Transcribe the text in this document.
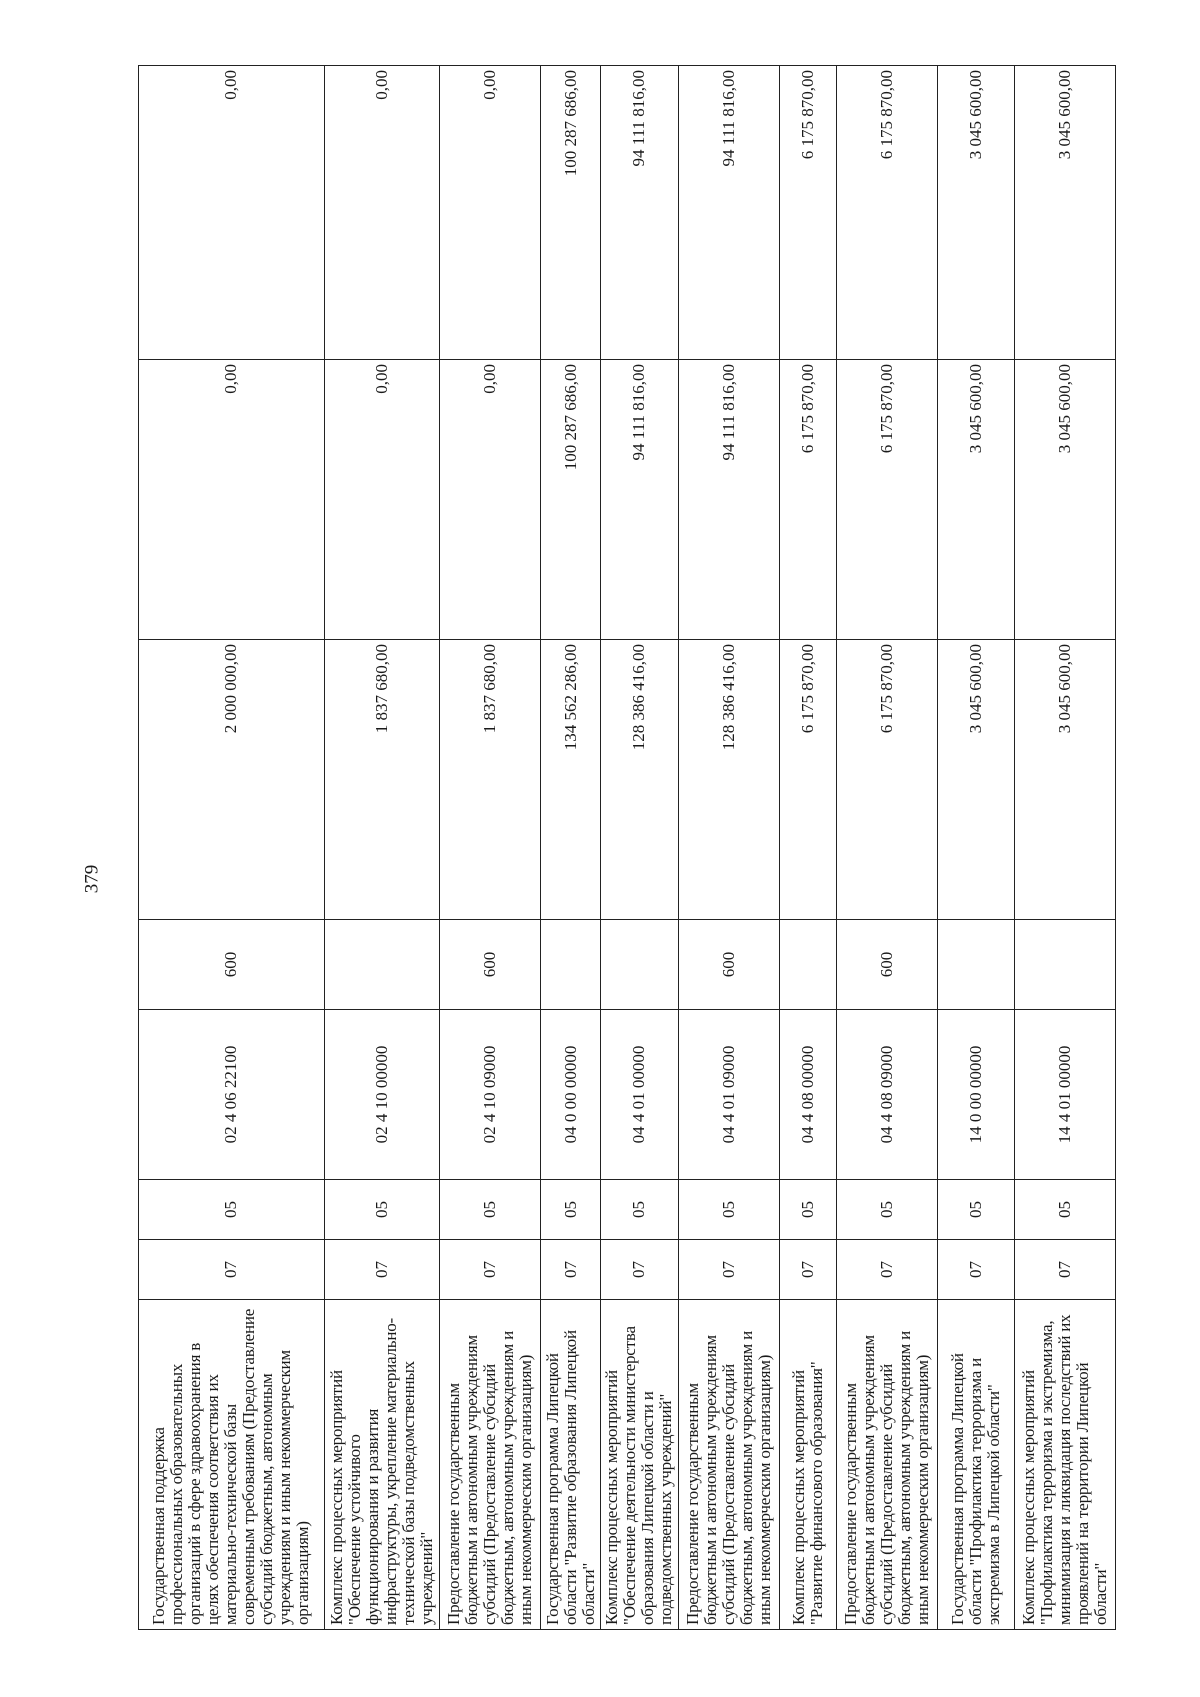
379
Государственная поддержка профессиональных образовательных организаций в сфере здравоохранения в целях обеспечения соответствия их материально-технической базы современным требованиям (Предоставление субсидий бюджетным, автономным учреждениям и иным некоммерческим организациям)	07	05	02 4 06 22100	600	2 000 000,00	0,00	0,00
Комплекс процессных мероприятий "Обеспечение устойчивого функционирования и развития инфраструктуры, укрепление материально-технической базы подведомственных учреждений"	07	05	02 4 10 00000		1 837 680,00	0,00	0,00
Предоставление государственным бюджетным и автономным учреждениям субсидий (Предоставление субсидий бюджетным, автономным учреждениям и иным некоммерческим организациям)	07	05	02 4 10 09000	600	1 837 680,00	0,00	0,00
Государственная программа Липецкой области "Развитие образования Липецкой области"	07	05	04 0 00 00000		134 562 286,00	100 287 686,00	100 287 686,00
Комплекс процессных мероприятий "Обеспечение деятельности министерства образования Липецкой области и подведомственных учреждений"	07	05	04 4 01 00000		128 386 416,00	94 111 816,00	94 111 816,00
Предоставление государственным бюджетным и автономным учреждениям субсидий (Предоставление субсидий бюджетным, автономным учреждениям и иным некоммерческим организациям)	07	05	04 4 01 09000	600	128 386 416,00	94 111 816,00	94 111 816,00
Комплекс процессных мероприятий "Развитие финансового образования"	07	05	04 4 08 00000		6 175 870,00	6 175 870,00	6 175 870,00
Предоставление государственным бюджетным и автономным учреждениям субсидий (Предоставление субсидий бюджетным, автономным учреждениям и иным некоммерческим организациям)	07	05	04 4 08 09000	600	6 175 870,00	6 175 870,00	6 175 870,00
Государственная программа Липецкой области "Профилактика терроризма и экстремизма в Липецкой области"	07	05	14 0 00 00000		3 045 600,00	3 045 600,00	3 045 600,00
Комплекс процессных мероприятий "Профилактика терроризма и экстремизма, минимизация и ликвидация последствий их проявлений на территории Липецкой области"	07	05	14 4 01 00000		3 045 600,00	3 045 600,00	3 045 600,00
